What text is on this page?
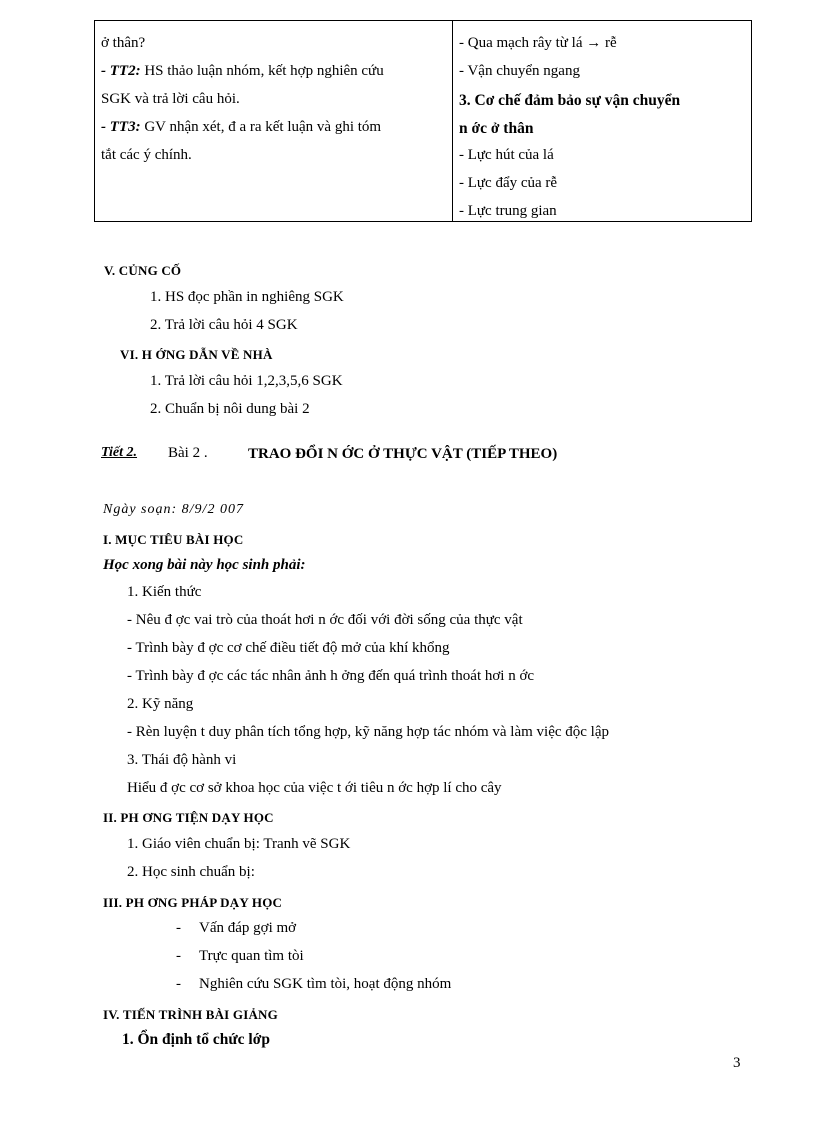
ở thân?
- TT2: HS thảo luận nhóm, kết hợp nghiên cứu
SGK và trả lời câu hỏi.
- TT3: GV nhận xét, đ a ra kết luận và ghi tóm
tắt các ý chính.

- Qua mạch rây từ lá → rễ
- Vận chuyển ngang
3. Cơ chế đảm bảo sự vận chuyển
n ớc ở thân
- Lực hút của lá
- Lực đẩy của rễ
- Lực trung gian
V. CỦNG CỐ
1. HS đọc phần in nghiêng SGK
2. Trả lời câu hỏi 4 SGK
VI. H ỚNG DẪN VỀ NHÀ
1. Trả lời câu hỏi 1,2,3,5,6 SGK
2. Chuẩn bị nôi dung bài 2
Tiết 2. Bài 2 .	TRAO ĐỔI N ỚC Ở THỰC VẬT (TIẾP THEO)
Ngày soạn: 8/9/2 007
I. MỤC TIÊU BÀI HỌC
Học xong bài này học sinh phải:
1. Kiến thức
- Nêu đ ợc vai trò của thoát hơi n ớc đối với đời sống của thực vật
- Trình bày đ ợc cơ chế điều tiết độ mở của khí khổng
- Trình bày đ ợc các tác nhân ảnh h ởng đến quá trình thoát hơi n ớc
2. Kỹ năng
- Rèn luyện t duy phân tích tổng hợp, kỹ năng hợp tác nhóm và làm việc độc lập
3. Thái độ hành vi
Hiểu đ ợc cơ sở khoa học của việc t ới tiêu n ớc hợp lí cho cây
II. PH ƠNG TIỆN DẠY HỌC
1. Giáo viên chuẩn bị: Tranh vẽ SGK
2. Học sinh chuẩn bị:
III. PH ƠNG PHÁP DẠY HỌC
- Vấn đáp gợi mở
- Trực quan tìm tòi
- Nghiên cứu SGK tìm tòi, hoạt động nhóm
IV. TIẾN TRÌNH BÀI GIẢNG
1. Ổn định tổ chức lớp
3
